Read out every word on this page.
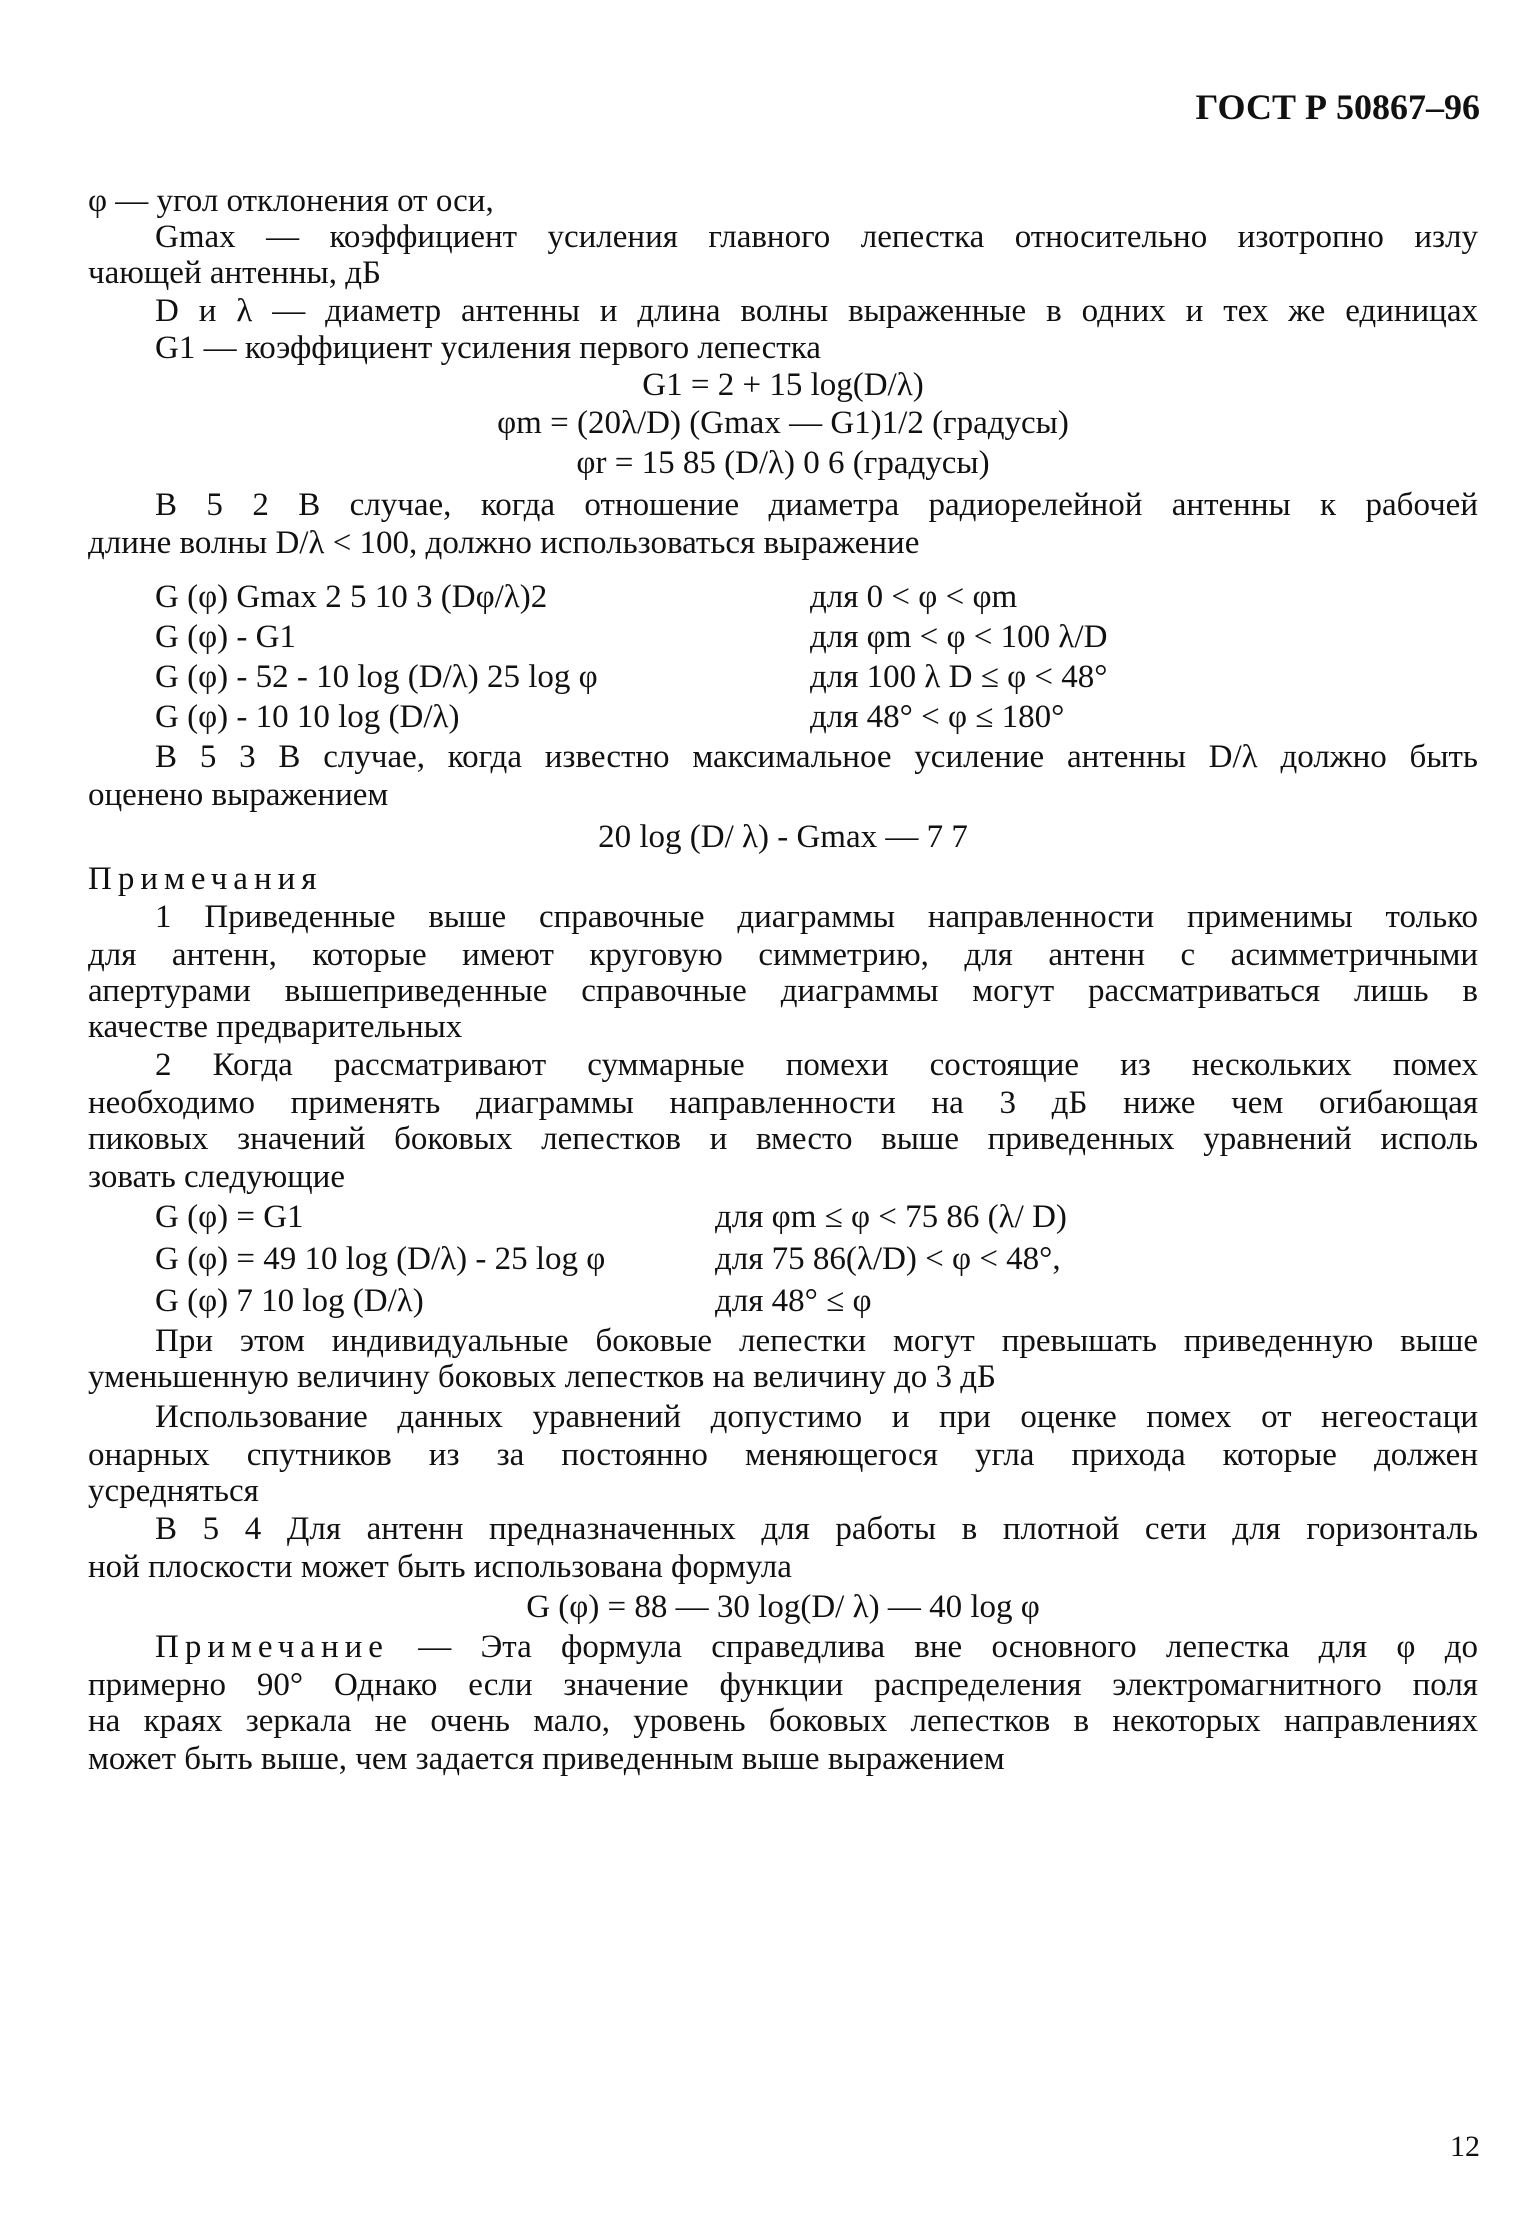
ГОСТ Р 50867–96
φ — угол отклонения от оси,
Gmax — коэффициент усиления главного лепестка относительно изотропно излу
чающей антенны, дБ
D и λ — диаметр антенны и длина волны выраженные в одних и тех же единицах
G1 — коэффициент усиления первого лепестка
G1 = 2 + 15 log(D/λ)
φm = (20λ/D) (Gmax — G1)1/2 (градусы)
φr = 15 85 (D/λ) 0 6 (градусы)
В 5 2 В случае, когда отношение диаметра радиорелейной антенны к рабочей
длине волны D/λ < 100, должно использоваться выражение
G (φ) Gmax 2 5 10 3 (Dφ/λ)2	для 0 < φ < φm
G (φ) - G1	для φm < φ < 100 λ/D
G (φ) - 52 - 10 log (D/λ) 25 log φ	для 100 λ D ≤ φ < 48°
G (φ) - 10 10 log (D/λ)	для 48° < φ ≤ 180°
В 5 3 В случае, когда известно максимальное усиление антенны D/λ должно быть
оценено выражением
20 log (D/ λ) - Gmax — 7 7
Примечания
1 Приведенные выше справочные диаграммы направленности применимы только
для антенн, которые имеют круговую симметрию, для антенн с асимметричными
апертурами вышеприведенные справочные диаграммы могут рассматриваться лишь в
качестве предварительных
2 Когда рассматривают суммарные помехи состоящие из нескольких помех
необходимо применять диаграммы направленности на 3 дБ ниже чем огибающая
пиковых значений боковых лепестков и вместо выше приведенных уравнений исполь
зовать следующие
G (φ) = G1	для φm ≤ φ < 75 86 (λ/ D)
G (φ) = 49 10 log (D/λ) - 25 log φ	для 75 86(λ/D) < φ < 48°,
G (φ) 7 10 log (D/λ)	для 48° ≤ φ
При этом индивидуальные боковые лепестки могут превышать приведенную выше
уменьшенную величину боковых лепестков на величину до 3 дБ
Использование данных уравнений допустимо и при оценке помех от негеостаци
онарных спутников из за постоянно меняющегося угла прихода которые должен
усредняться
В 5 4 Для антенн предназначенных для работы в плотной сети для горизонталь
ной плоскости может быть использована формула
G (φ) = 88 — 30 log(D/ λ) — 40 log φ
Примечание — Эта формула справедлива вне основного лепестка для φ до
примерно 90° Однако если значение функции распределения электромагнитного поля
на краях зеркала не очень мало, уровень боковых лепестков в некоторых направлениях
может быть выше, чем задается приведенным выше выражением
12
